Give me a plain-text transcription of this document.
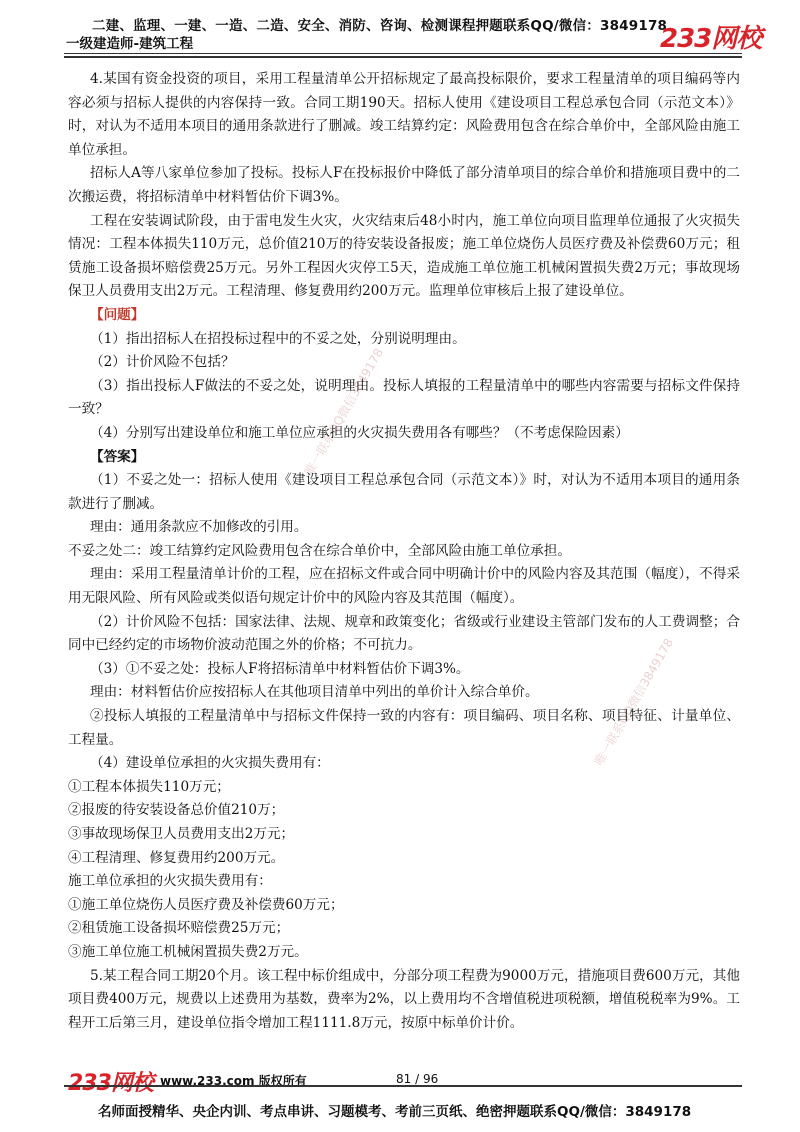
二建、监理、一建、一造、二造、安全、消防、咨询、检测课程押题联系QQ/微信：3849178
一级建造师-建筑工程	233网校
唯一联系QQ微信3849178
唯一联系QQ微信3849178

4.某国有资金投资的项目，采用工程量清单公开招标规定了最高投标限价，要求工程量清单的项目编码等内容必须与招标人提供的内容保持一致。合同工期190天。招标人使用《建设项目工程总承包合同（示范文本）》时，对认为不适用本项目的通用条款进行了删减。竣工结算约定：风险费用包含在综合单价中，全部风险由施工单位承担。

招标人A等八家单位参加了投标。投标人F在投标报价中降低了部分清单项目的综合单价和措施项目费中的二次搬运费，将招标清单中材料暂估价下调3%。

工程在安装调试阶段，由于雷电发生火灾，火灾结束后48小时内，施工单位向项目监理单位通报了火灾损失情况：工程本体损失110万元，总价值210万的待安装设备报废；施工单位烧伤人员医疗费及补偿费60万元；租赁施工设备损坏赔偿费25万元。另外工程因火灾停工5天，造成施工单位施工机械闲置损失费2万元；事故现场保卫人员费用支出2万元。工程清理、修复费用约200万元。监理单位审核后上报了建设单位。

【问题】

（1）指出招标人在招投标过程中的不妥之处，分别说明理由。

（2）计价风险不包括？

（3）指出投标人F做法的不妥之处，说明理由。投标人填报的工程量清单中的哪些内容需要与招标文件保持一致？

（4）分别写出建设单位和施工单位应承担的火灾损失费用各有哪些？（不考虑保险因素）

【答案】

（1）不妥之处一：招标人使用《建设项目工程总承包合同（示范文本）》时，对认为不适用本项目的通用条款进行了删减。

理由：通用条款应不加修改的引用。

不妥之处二：竣工结算约定风险费用包含在综合单价中，全部风险由施工单位承担。

理由：采用工程量清单计价的工程，应在招标文件或合同中明确计价中的风险内容及其范围（幅度），不得采用无限风险、所有风险或类似语句规定计价中的风险内容及其范围（幅度）。

（2）计价风险不包括：国家法律、法规、规章和政策变化；省级或行业建设主管部门发布的人工费调整；合同中已经约定的市场物价波动范围之外的价格；不可抗力。

（3）①不妥之处：投标人F将招标清单中材料暂估价下调3%。

理由：材料暂估价应按招标人在其他项目清单中列出的单价计入综合单价。

②投标人填报的工程量清单中与招标文件保持一致的内容有：项目编码、项目名称、项目特征、计量单位、工程量。

（4）建设单位承担的火灾损失费用有：

①工程本体损失110万元；

②报废的待安装设备总价值210万；

③事故现场保卫人员费用支出2万元；

④工程清理、修复费用约200万元。

施工单位承担的火灾损失费用有：

①施工单位烧伤人员医疗费及补偿费60万元；

②租赁施工设备损坏赔偿费25万元；

③施工单位施工机械闲置损失费2万元。

5.某工程合同工期20个月。该工程中标价组成中，分部分项工程费为9000万元，措施项目费600万元，其他项目费400万元，规费以上述费用为基数，费率为2%，以上费用均不含增值税进项税额，增值税税率为9%。工程开工后第三月，建设单位指令增加工程1111.8万元，按原中标单价计价。

233网校 www.233.com 版权所有	81 / 96
名师面授精华、央企内训、考点串讲、习题模考、考前三页纸、绝密押题联系QQ/微信：3849178
